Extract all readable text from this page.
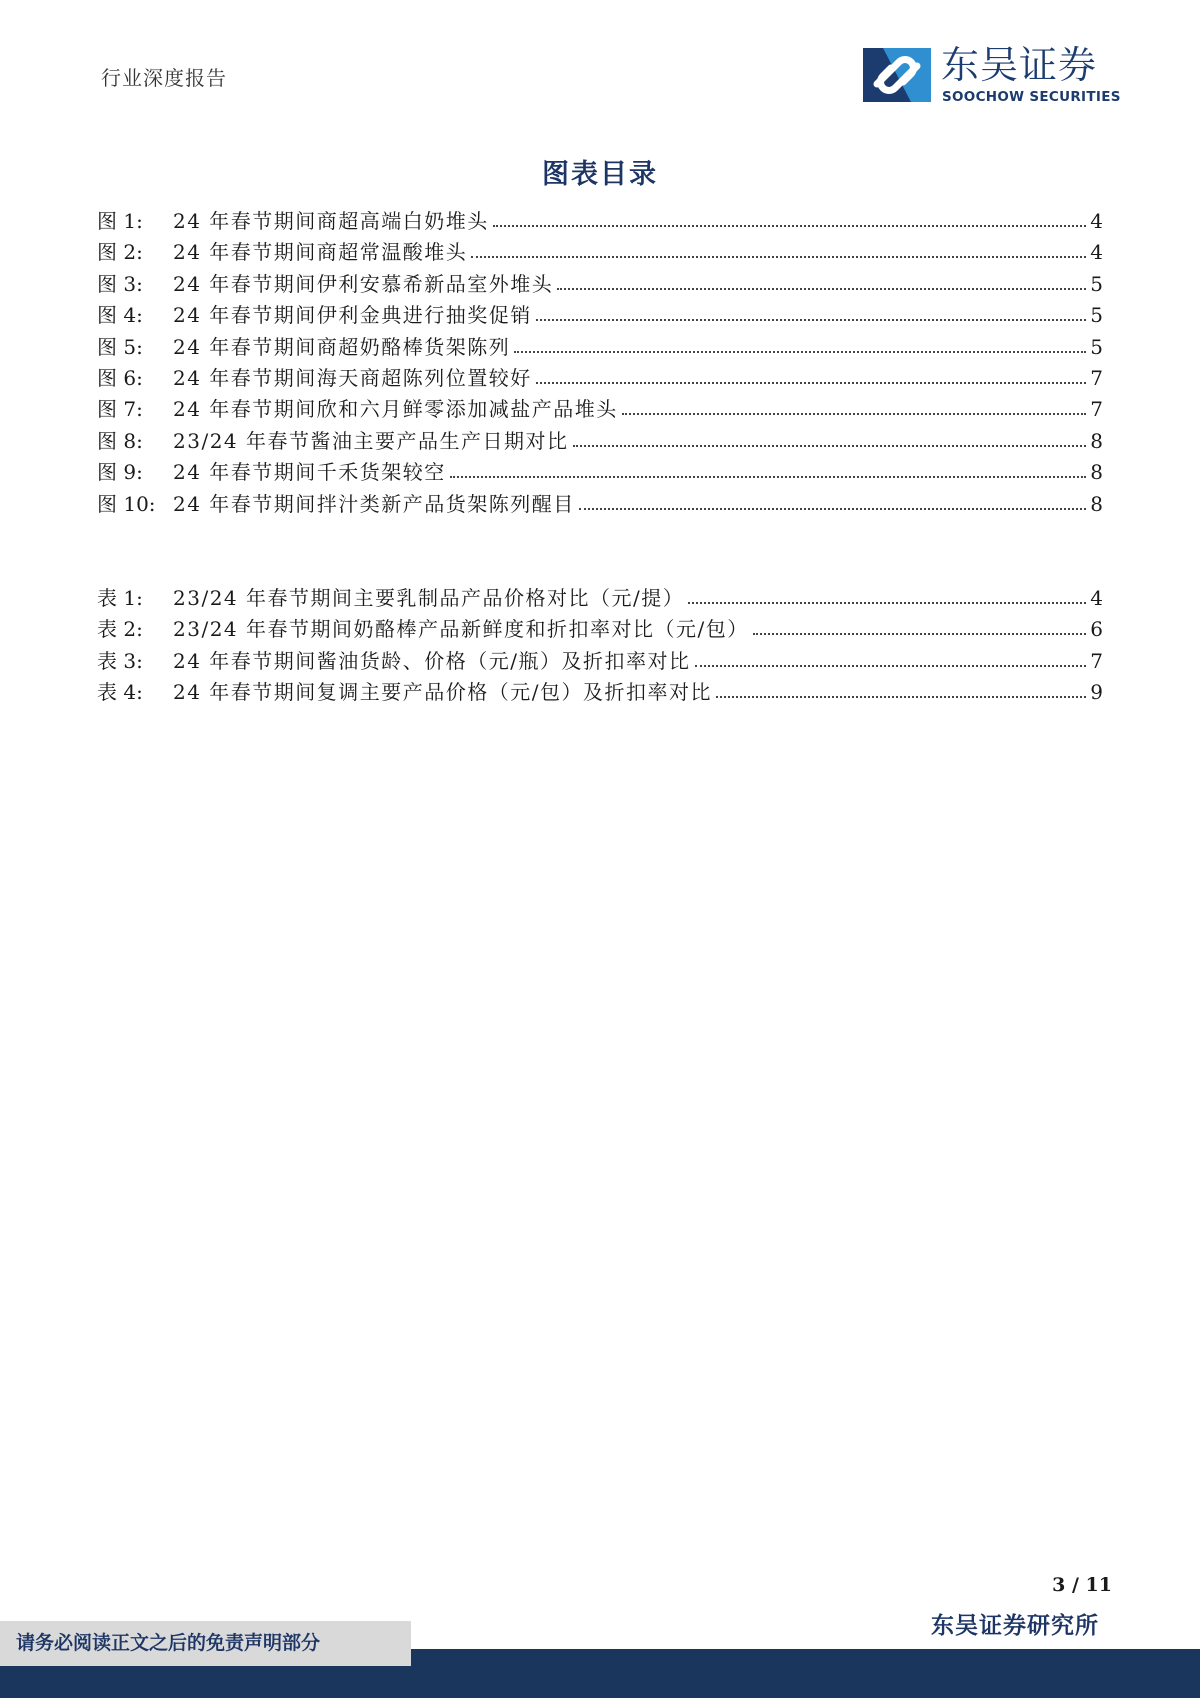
行业深度报告	东吴证券
SOOCHOW SECURITIES
图表目录
图 1:	24 年春节期间商超高端白奶堆头	4
图 2:	24 年春节期间商超常温酸堆头	4
图 3:	24 年春节期间伊利安慕希新品室外堆头	5
图 4:	24 年春节期间伊利金典进行抽奖促销	5
图 5:	24 年春节期间商超奶酪棒货架陈列	5
图 6:	24 年春节期间海天商超陈列位置较好	7
图 7:	24 年春节期间欣和六月鲜零添加减盐产品堆头	7
图 8:	23/24 年春节酱油主要产品生产日期对比	8
图 9:	24 年春节期间千禾货架较空	8
图 10: 24 年春节期间拌汁类新产品货架陈列醒目	8
表 1:	23/24 年春节期间主要乳制品产品价格对比（元/提）	4
表 2:	23/24 年春节期间奶酪棒产品新鲜度和折扣率对比（元/包）	6
表 3:	24 年春节期间酱油货龄、价格（元/瓶）及折扣率对比	7
表 4:	24 年春节期间复调主要产品价格（元/包）及折扣率对比	9
3 / 11
东吴证券研究所
请务必阅读正文之后的免责声明部分
